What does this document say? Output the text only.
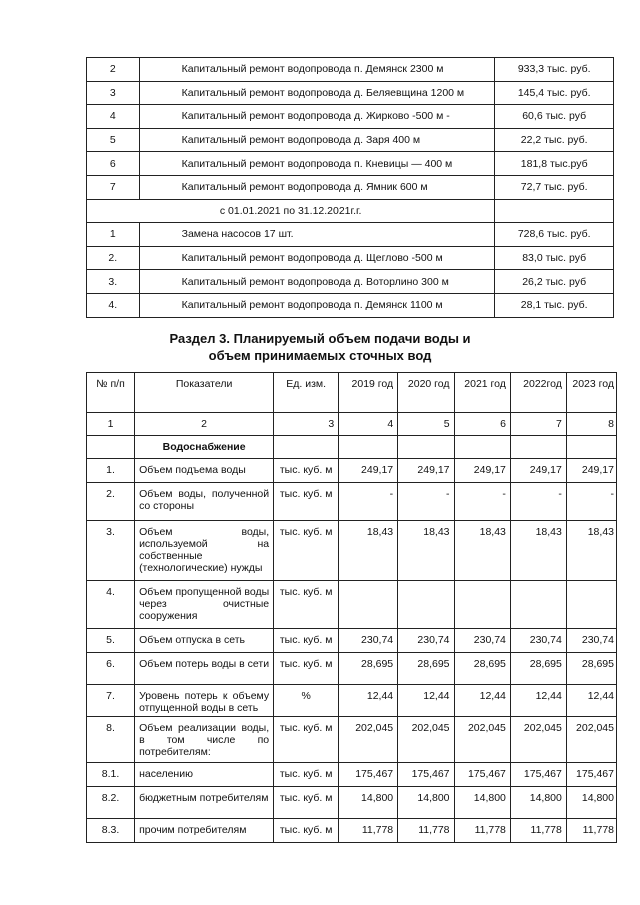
2	Капитальный ремонт водопровода п. Демянск 2300 м	933,3 тыс. руб.
3	Капитальный ремонт водопровода д. Беляевщина 1200 м	145,4 тыс. руб.
4	Капитальный ремонт водопровода д. Жирково -500 м -	60,6 тыс. руб
5	Капитальный ремонт водопровода д. Заря 400 м	22,2 тыс. руб.
6	Капитальный ремонт водопровода п. Кневицы — 400 м	181,8 тыс.руб
7	Капитальный ремонт водопровода д. Ямник 600 м	72,7 тыс. руб.
с 01.01.2021 по 31.12.2021г.г.		
1	Замена насосов 17 шт.	728,6 тыс. руб.
2.	Капитальный ремонт водопровода д. Щеглово -500 м	83,0 тыс. руб
3.	Капитальный ремонт водопровода д. Воторлино 300 м	26,2 тыс. руб
4.	Капитальный ремонт водопровода п. Демянск 1100 м	28,1 тыс. руб.
Раздел 3. Планируемый объем подачи воды и
объем принимаемых сточных вод
№ п/п	Показатели	Ед. изм.	2019 год	2020 год	2021 год	2022год	2023 год
1	2	3	4	5	6	7	8
	Водоснабжение						
1.	Объем подъема воды	тыс. куб. м	249,17	249,17	249,17	249,17	249,17
2.	Объем воды, полученной со стороны	тыс. куб. м	-	-	-	-	-
3.	Объем воды, используемой на собственные (технологические) нужды	тыс. куб. м	18,43	18,43	18,43	18,43	18,43
4.	Объем пропущенной воды через очистные сооружения	тыс. куб. м					
5.	Объем отпуска в сеть	тыс. куб. м	230,74	230,74	230,74	230,74	230,74
6.	Объем потерь воды в сети	тыс. куб. м	28,695	28,695	28,695	28,695	28,695
7.	Уровень потерь к объему отпущенной воды в сеть	%	12,44	12,44	12,44	12,44	12,44
8.	Объем реализации воды, в том числе по потребителям:	тыс. куб. м	202,045	202,045	202,045	202,045	202,045
8.1.	населению	тыс. куб. м	175,467	175,467	175,467	175,467	175,467
8.2.	бюджетным потребителям	тыс. куб. м	14,800	14,800	14,800	14,800	14,800
8.3.	прочим потребителям	тыс. куб. м	11,778	11,778	11,778	11,778	11,778
